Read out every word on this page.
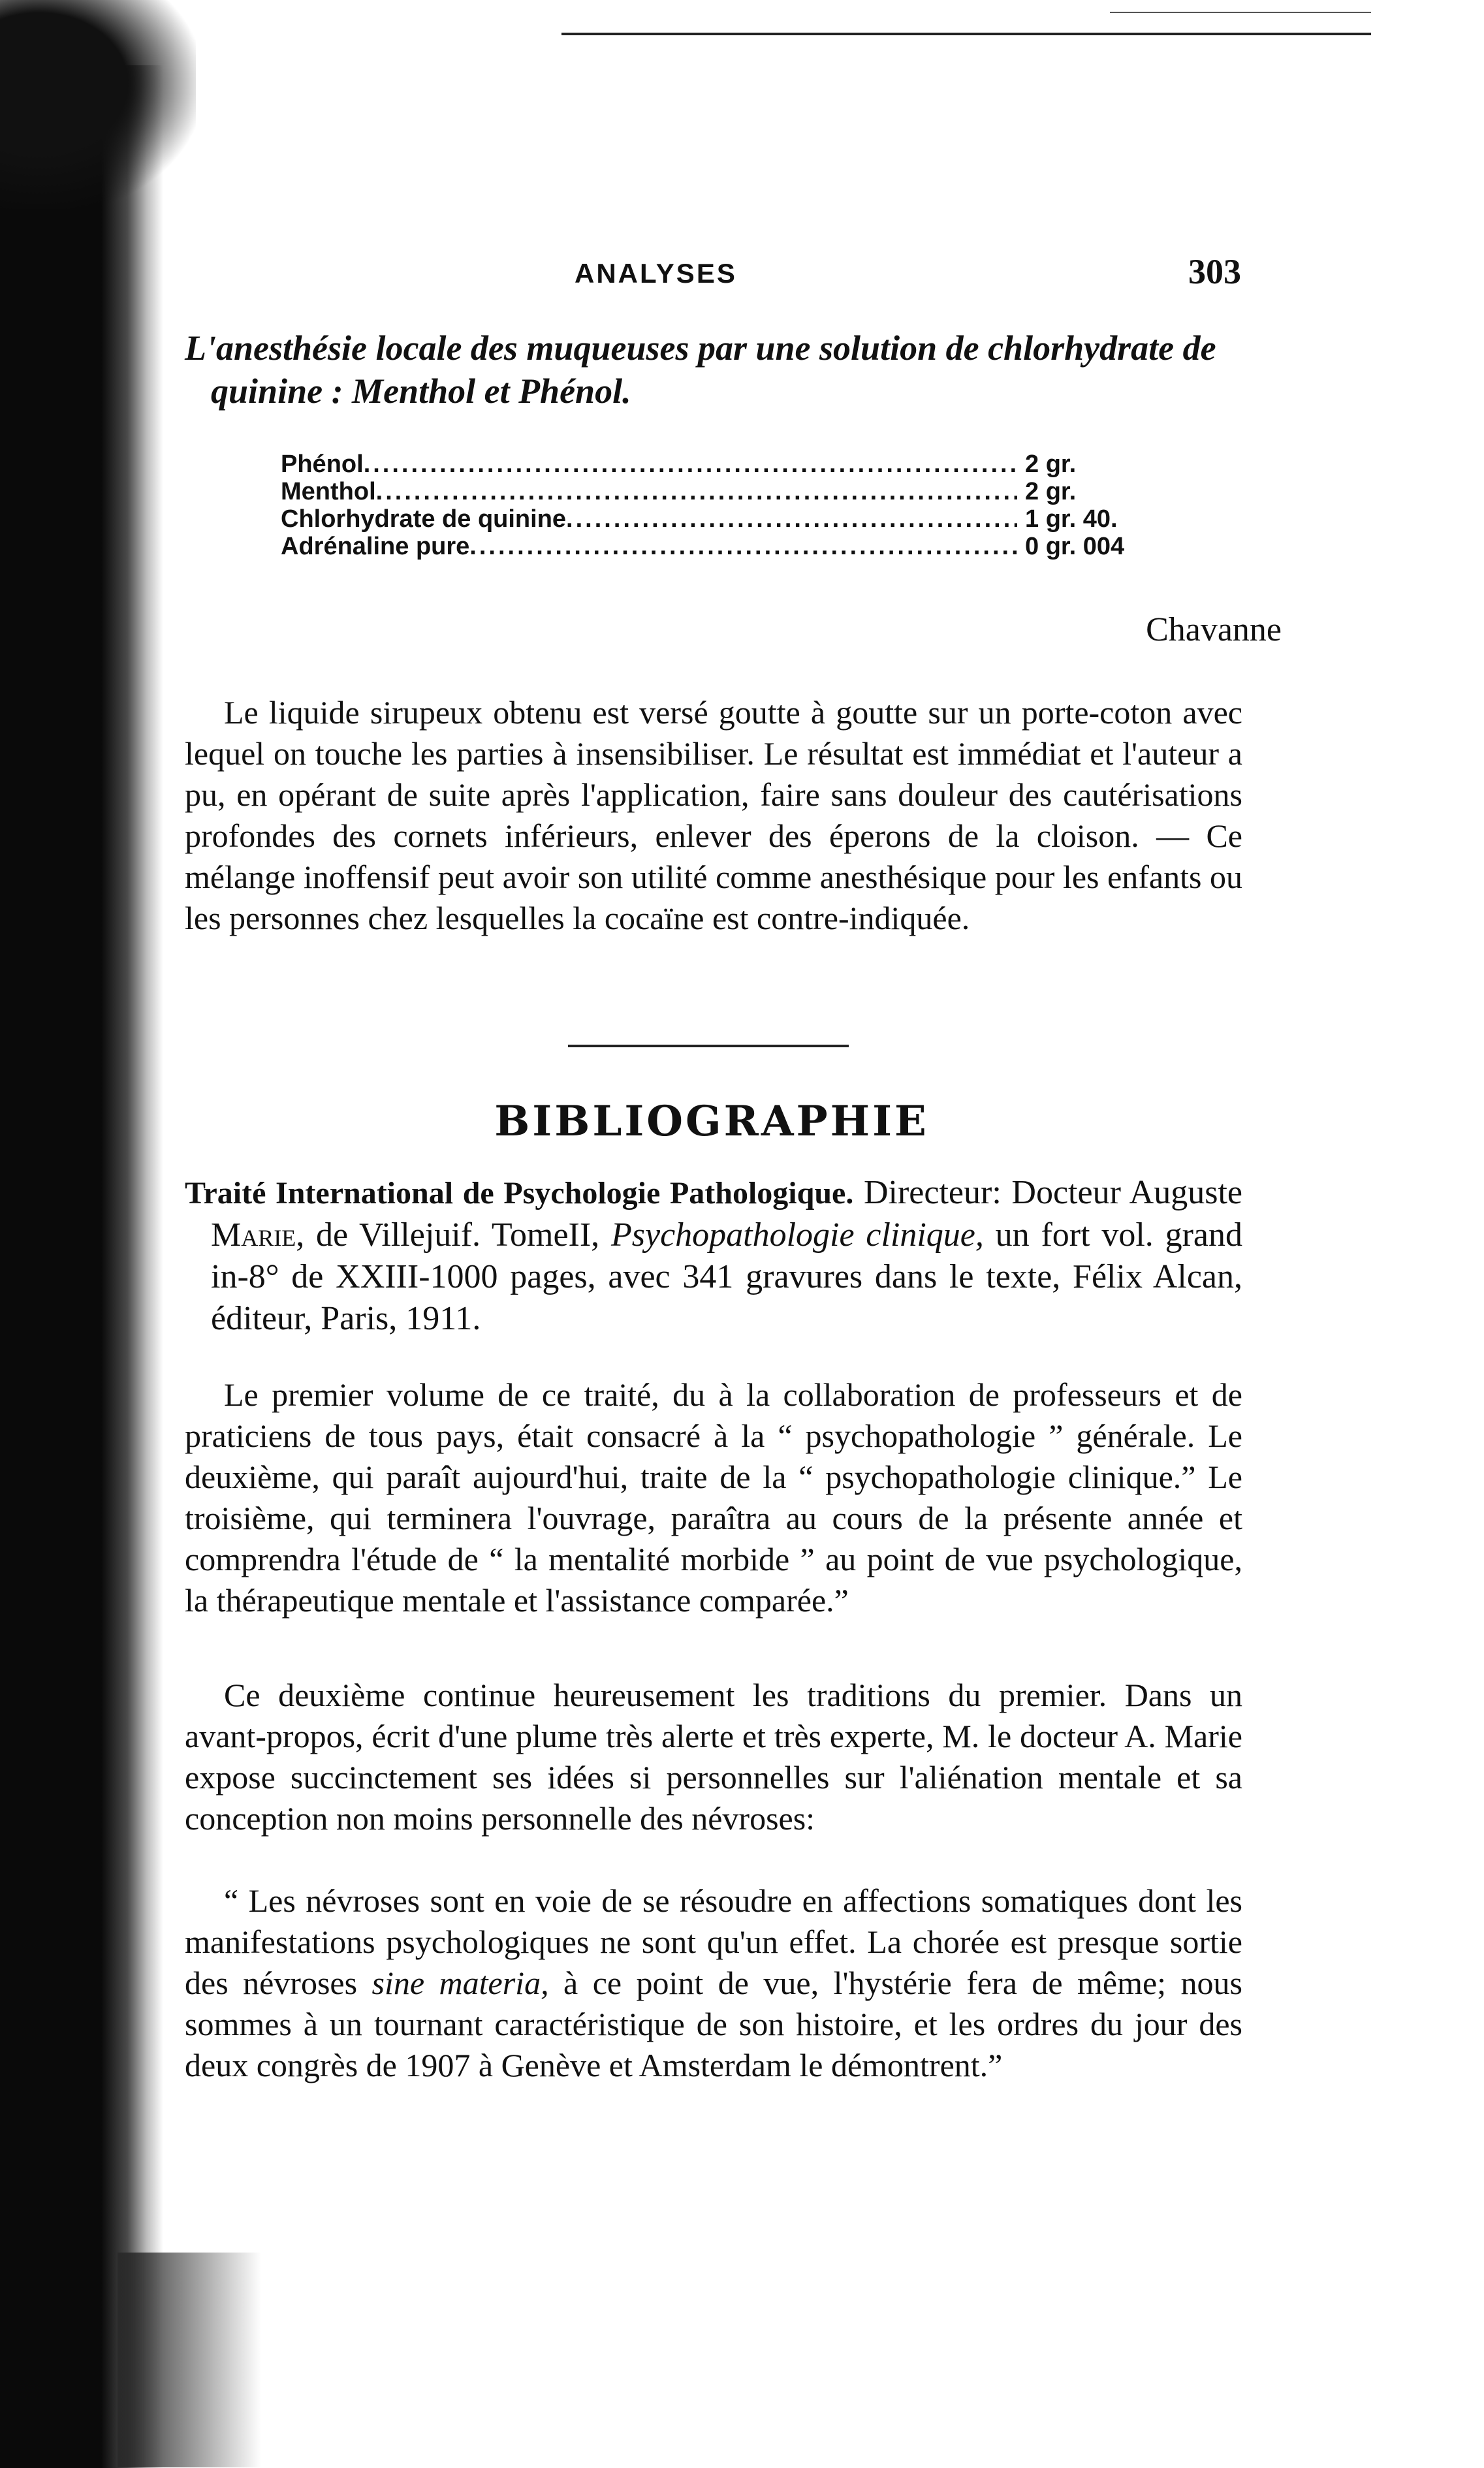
ANALYSES	303
L'anesthésie locale des muqueuses par une solution de chlorhydrate de quinine : Menthol et Phénol.
Phénol .....	2 gr.
Menthol .....	2 gr.
Chlorhydrate de quinine .....	1 gr. 40.
Adrénaline pure .....	0 gr. 004
Chavanne

Le liquide sirupeux obtenu est versé goutte à goutte sur un porte-coton avec lequel on touche les parties à insensibiliser. Le résultat est immédiat et l'auteur a pu, en opérant de suite après l'application, faire sans douleur des cautérisations profondes des cornets inférieurs, enlever des éperons de la cloison. — Ce mélange inoffensif peut avoir son utilité comme anesthésique pour les enfants ou les personnes chez lesquelles la cocaïne est contre-indiquée.

BIBLIOGRAPHIE
Traité International de Psychologie Pathologique. Directeur: Docteur Auguste Marie, de Villejuif. TomeII, Psychopathologie clinique, un fort vol. grand in-8° de XXIII-1000 pages, avec 341 gravures dans le texte, Félix Alcan, éditeur, Paris, 1911.

Le premier volume de ce traité, du à la collaboration de professeurs et de praticiens de tous pays, était consacré à la “ psychopathologie ” générale. Le deuxième, qui paraît aujourd'hui, traite de la “ psychopathologie clinique.” Le troisième, qui terminera l'ouvrage, paraîtra au cours de la présente année et comprendra l'étude de “ la mentalité morbide ” au point de vue psychologique, la thérapeutique mentale et l'assistance comparée.”

Ce deuxième continue heureusement les traditions du premier. Dans un avant-propos, écrit d'une plume très alerte et très experte, M. le docteur A. Marie expose succinctement ses idées si personnelles sur l'aliénation mentale et sa conception non moins personnelle des névroses:

“ Les névroses sont en voie de se résoudre en affections somatiques dont les manifestations psychologiques ne sont qu'un effet. La chorée est presque sortie des névroses sine materia, à ce point de vue, l'hystérie fera de même; nous sommes à un tournant caractéristique de son histoire, et les ordres du jour des deux congrès de 1907 à Genève et Amsterdam le démontrent.”
